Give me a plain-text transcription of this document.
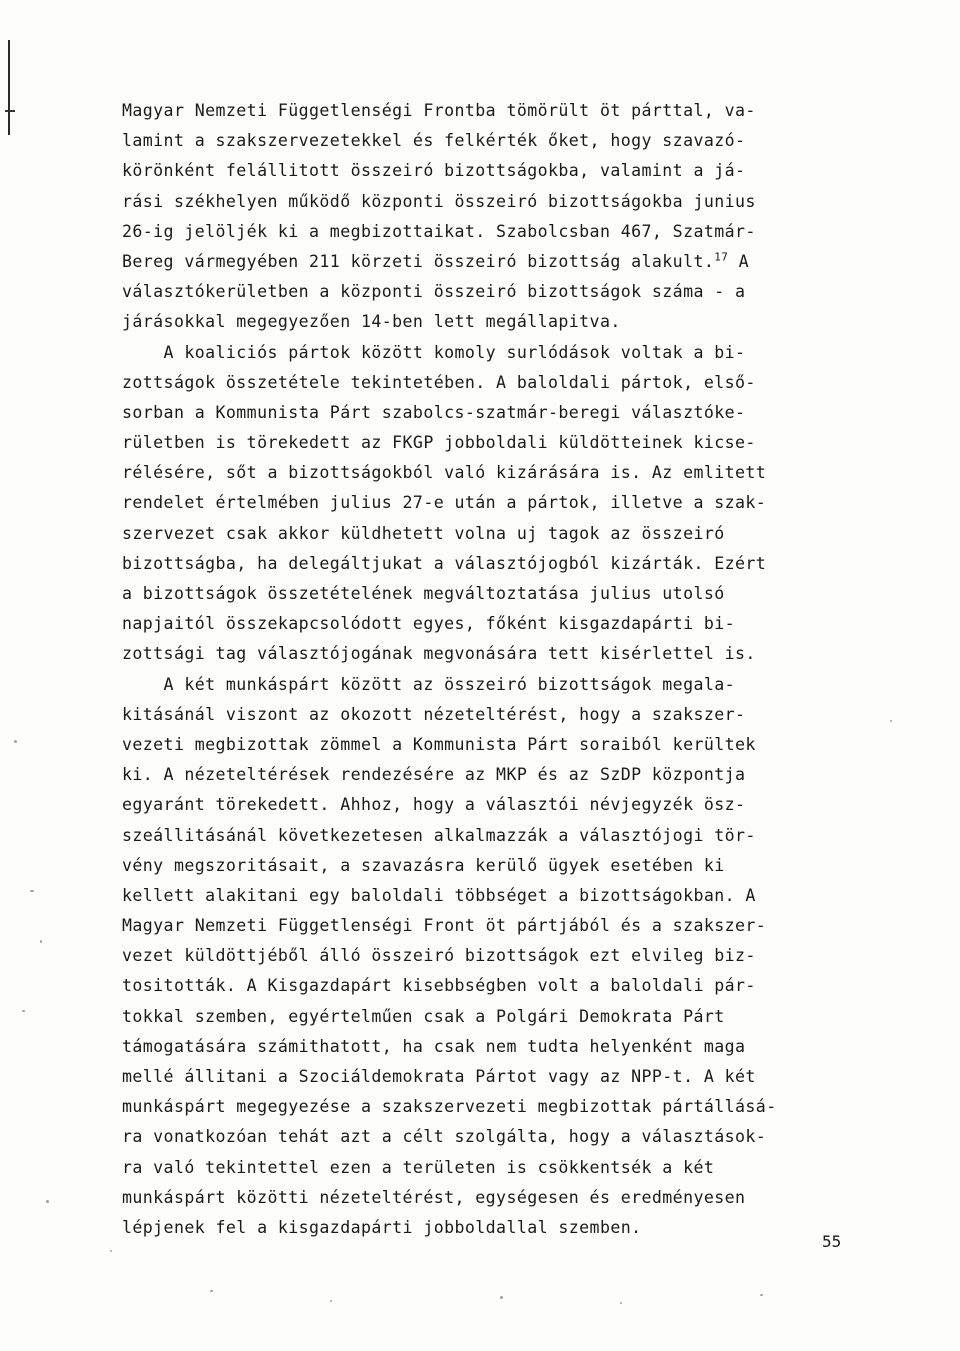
Magyar Nemzeti Függetlenségi Frontba tömörült öt párttal, va-
lamint a szakszervezetekkel és felkérték őket, hogy szavazó-
körönként felállitott összeiró bizottságokba, valamint a já-
rási székhelyen működő központi összeiró bizottságokba junius
26-ig jelöljék ki a megbizottaikat. Szabolcsban 467, Szatmár-
Bereg vármegyében 211 körzeti összeiró bizottság alakult.$^{17}$ A
választókerületben a központi összeiró bizottságok száma - a
járásokkal megegyezően 14-ben lett megállapitva.
A koaliciós pártok között komoly surlódások voltak a bi-
zottságok összetétele tekintetében. A baloldali pártok, első-
sorban a Kommunista Párt szabolcs-szatmár-beregi választóke-
rületben is törekedett az FKGP jobboldali küldötteinek kicse-
rélésére, sőt a bizottságokból való kizárására is. Az emlitett
rendelet értelmében julius 27-e után a pártok, illetve a szak-
szervezet csak akkor küldhetett volna uj tagok az összeiró
bizottságba, ha delegáltjukat a választójogból kizárták. Ezért
a bizottságok összetételének megváltoztatása julius utolsó
napjaitól összekapcsolódott egyes, főként kisgazdapárti bi-
zottsági tag választójogának megvonására tett kisérlettel is.
A két munkáspárt között az összeiró bizottságok megala-
kitásánál viszont az okozott nézeteltérést, hogy a szakszer-
vezeti megbizottak zömmel a Kommunista Párt soraiból kerültek
ki. A nézeteltérések rendezésére az MKP és az SzDP központja
egyaránt törekedett. Ahhoz, hogy a választói névjegyzék ösz-
szeállitásánál következetesen alkalmazzák a választójogi tör-
vény megszoritásait, a szavazásra kerülő ügyek esetében ki
kellett alakitani egy baloldali többséget a bizottságokban. A
Magyar Nemzeti Függetlenségi Front öt pártjából és a szakszer-
vezet küldöttjéből álló összeiró bizottságok ezt elvileg biz-
tositották. A Kisgazdapárt kisebbségben volt a baloldali pár-
tokkal szemben, egyértelműen csak a Polgári Demokrata Párt
támogatására számithatott, ha csak nem tudta helyenként maga
mellé állitani a Szociáldemokrata Pártot vagy az NPP-t. A két
munkáspárt megegyezése a szakszervezeti megbizottak pártállásá-
ra vonatkozóan tehát azt a célt szolgálta, hogy a választások-
ra való tekintettel ezen a területen is csökkentsék a két
munkáspárt közötti nézeteltérést, egységesen és eredményesen
lépjenek fel a kisgazdapárti jobboldallal szemben.
55
